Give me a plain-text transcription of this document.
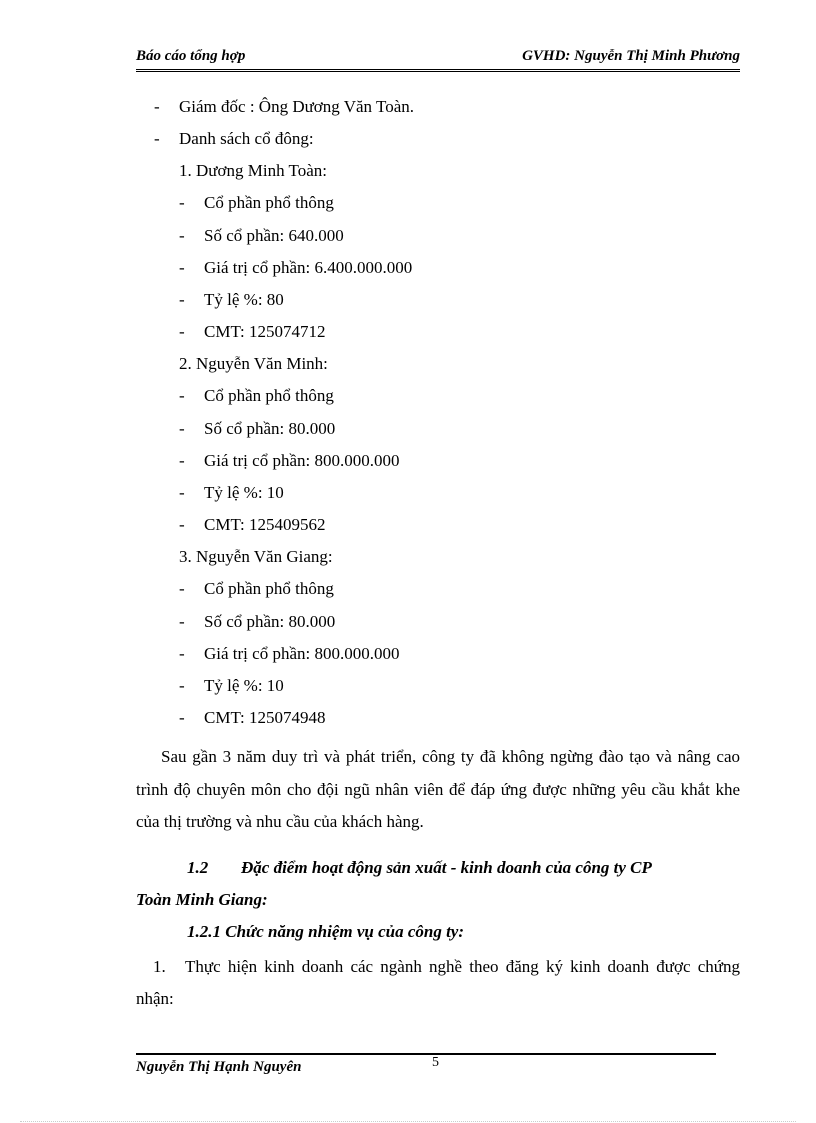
Báo cáo tổng hợp	GVHD: Nguyễn Thị Minh Phương
- Giám đốc : Ông Dương Văn Toàn.
- Danh sách cổ đông:
1. Dương Minh Toàn:
- Cổ phần phổ thông
- Số cổ phần: 640.000
- Giá trị cổ phần: 6.400.000.000
- Tỷ lệ %: 80
- CMT: 125074712
2. Nguyễn Văn Minh:
- Cổ phần phổ thông
- Số cổ phần: 80.000
- Giá trị cổ phần: 800.000.000
- Tỷ lệ %: 10
- CMT: 125409562
3. Nguyễn Văn Giang:
- Cổ phần phổ thông
- Số cổ phần: 80.000
- Giá trị cổ phần: 800.000.000
- Tỷ lệ %: 10
- CMT: 125074948
Sau gần 3 năm duy trì và phát triển, công ty đã không ngừng đào tạo và nâng cao trình độ chuyên môn cho đội ngũ nhân viên để đáp ứng được những yêu cầu khắt khe của thị trường và nhu cầu của khách hàng.
1.2 Đặc điểm hoạt động sản xuất - kinh doanh của công ty CP
Toàn Minh Giang:
1.2.1 Chức năng nhiệm vụ của công ty:
1.	Thực hiện kinh doanh các ngành nghề theo đăng ký kinh doanh được chứng nhận:
Nguyễn Thị Hạnh Nguyên	5
